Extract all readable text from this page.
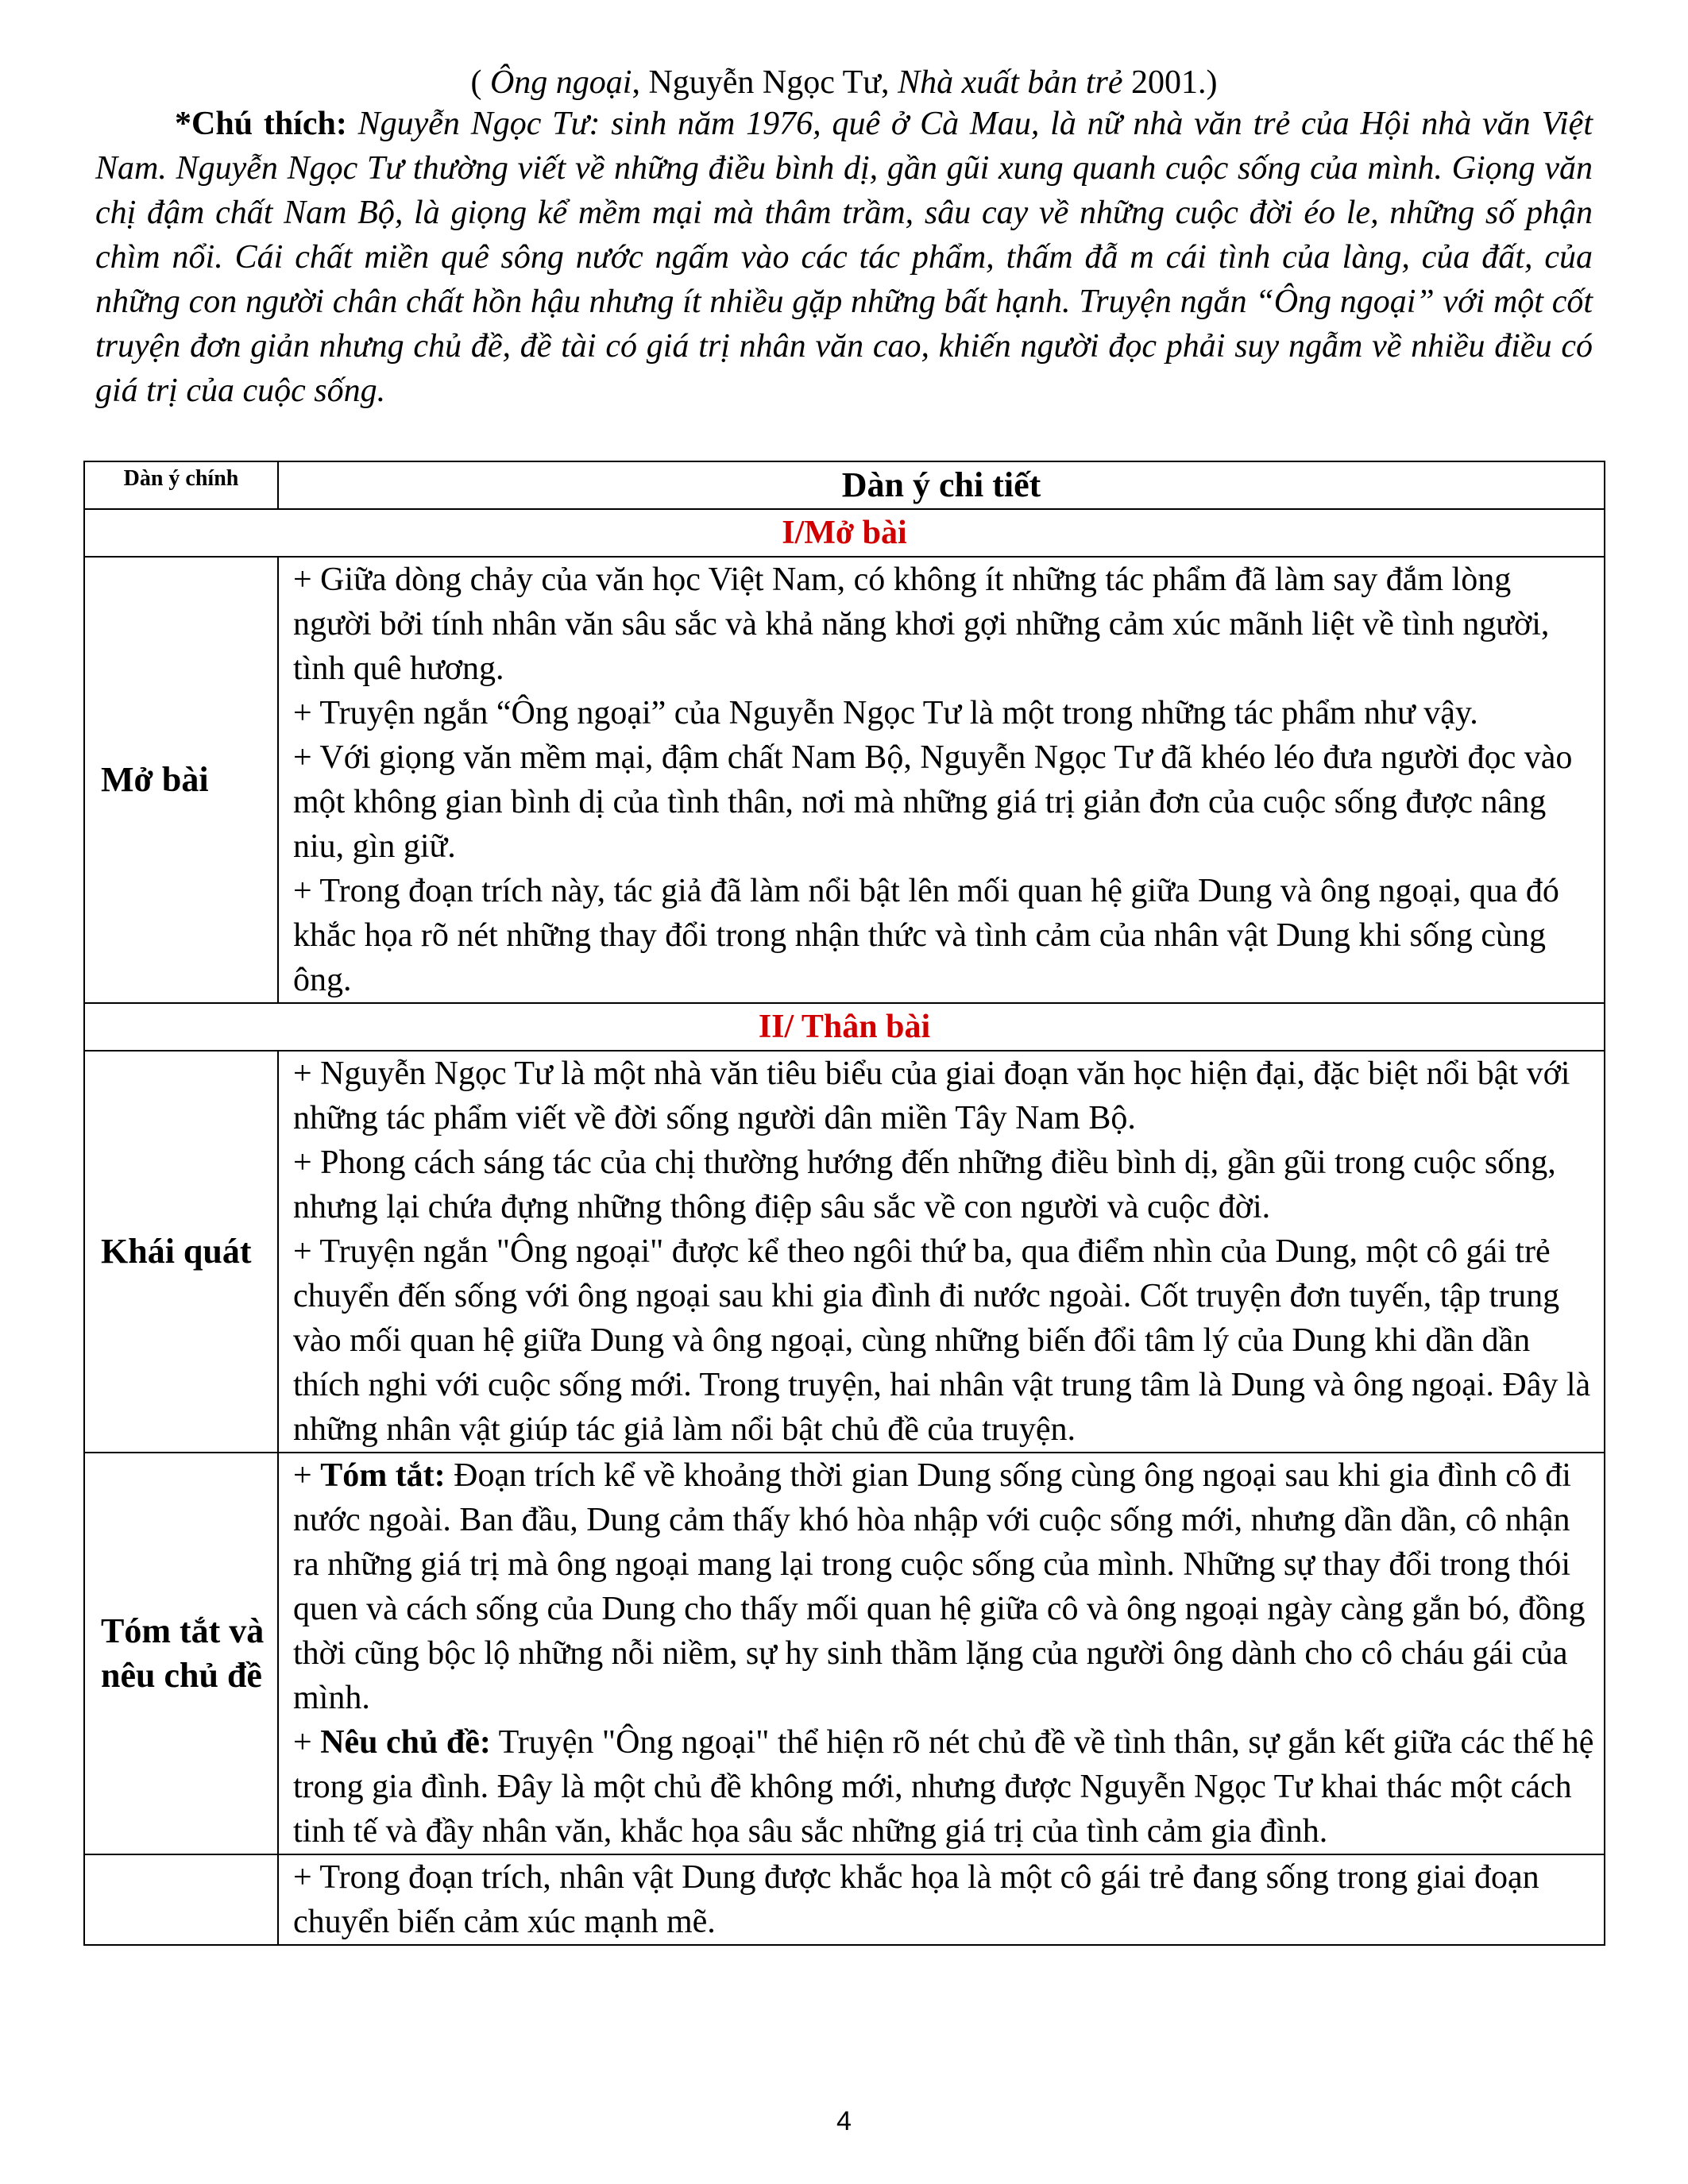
( Ông ngoại, Nguyễn Ngọc Tư, Nhà xuất bản trẻ 2001.)
*Chú thích: Nguyễn Ngọc Tư: sinh năm 1976, quê ở Cà Mau, là nữ nhà văn trẻ của Hội nhà văn Việt Nam. Nguyễn Ngọc Tư thường viết về những điều bình dị, gần gũi xung quanh cuộc sống của mình. Giọng văn chị đậm chất Nam Bộ, là giọng kể mềm mại mà thâm trầm, sâu cay về những cuộc đời éo le, những số phận chìm nổi. Cái chất miền quê sông nước ngấm vào các tác phẩm, thấm đẫ m cái tình của làng, của đất, của những con người chân chất hồn hậu nhưng ít nhiều gặp những bất hạnh. Truyện ngắn “Ông ngoại” với một cốt truyện đơn giản nhưng chủ đề, đề tài có giá trị nhân văn cao, khiến người đọc phải suy ngẫm về nhiều điều có giá trị của cuộc sống.
Dàn ý chính	Dàn ý chi tiết
I/Mở bài	
Mở bài	+ Giữa dòng chảy của văn học Việt Nam, có không ít những tác phẩm đã làm say đắm lòng người bởi tính nhân văn sâu sắc và khả năng khơi gợi những cảm xúc mãnh liệt về tình người, tình quê hương.

+ Truyện ngắn “Ông ngoại” của Nguyễn Ngọc Tư là một trong những tác phẩm như vậy.

+ Với giọng văn mềm mại, đậm chất Nam Bộ, Nguyễn Ngọc Tư đã khéo léo đưa người đọc vào một không gian bình dị của tình thân, nơi mà những giá trị giản đơn của cuộc sống được nâng niu, gìn giữ.

+ Trong đoạn trích này, tác giả đã làm nổi bật lên mối quan hệ giữa Dung và ông ngoại, qua đó khắc họa rõ nét những thay đổi trong nhận thức và tình cảm của nhân vật Dung khi sống cùng ông.

II/ Thân bài	
Khái quát	+ Nguyễn Ngọc Tư là một nhà văn tiêu biểu của giai đoạn văn học hiện đại, đặc biệt nổi bật với những tác phẩm viết về đời sống người dân miền Tây Nam Bộ.

+ Phong cách sáng tác của chị thường hướng đến những điều bình dị, gần gũi trong cuộc sống, nhưng lại chứa đựng những thông điệp sâu sắc về con người và cuộc đời.

+ Truyện ngắn "Ông ngoại" được kể theo ngôi thứ ba, qua điểm nhìn của Dung, một cô gái trẻ chuyển đến sống với ông ngoại sau khi gia đình đi nước ngoài. Cốt truyện đơn tuyến, tập trung vào mối quan hệ giữa Dung và ông ngoại, cùng những biến đổi tâm lý của Dung khi dần dần thích nghi với cuộc sống mới. Trong truyện, hai nhân vật trung tâm là Dung và ông ngoại. Đây là những nhân vật giúp tác giả làm nổi bật chủ đề của truyện.

Tóm tắt và nêu chủ đề	+ Tóm tắt: Đoạn trích kể về khoảng thời gian Dung sống cùng ông ngoại sau khi gia đình cô đi nước ngoài. Ban đầu, Dung cảm thấy khó hòa nhập với cuộc sống mới, nhưng dần dần, cô nhận ra những giá trị mà ông ngoại mang lại trong cuộc sống của mình. Những sự thay đổi trong thói quen và cách sống của Dung cho thấy mối quan hệ giữa cô và ông ngoại ngày càng gắn bó, đồng thời cũng bộc lộ những nỗi niềm, sự hy sinh thầm lặng của người ông dành cho cô cháu gái của mình.

+ Nêu chủ đề: Truyện "Ông ngoại" thể hiện rõ nét chủ đề về tình thân, sự gắn kết giữa các thế hệ trong gia đình. Đây là một chủ đề không mới, nhưng được Nguyễn Ngọc Tư khai thác một cách tinh tế và đầy nhân văn, khắc họa sâu sắc những giá trị của tình cảm gia đình.

	+ Trong đoạn trích, nhân vật Dung được khắc họa là một cô gái trẻ đang sống trong giai đoạn chuyển biến cảm xúc mạnh mẽ.

4
